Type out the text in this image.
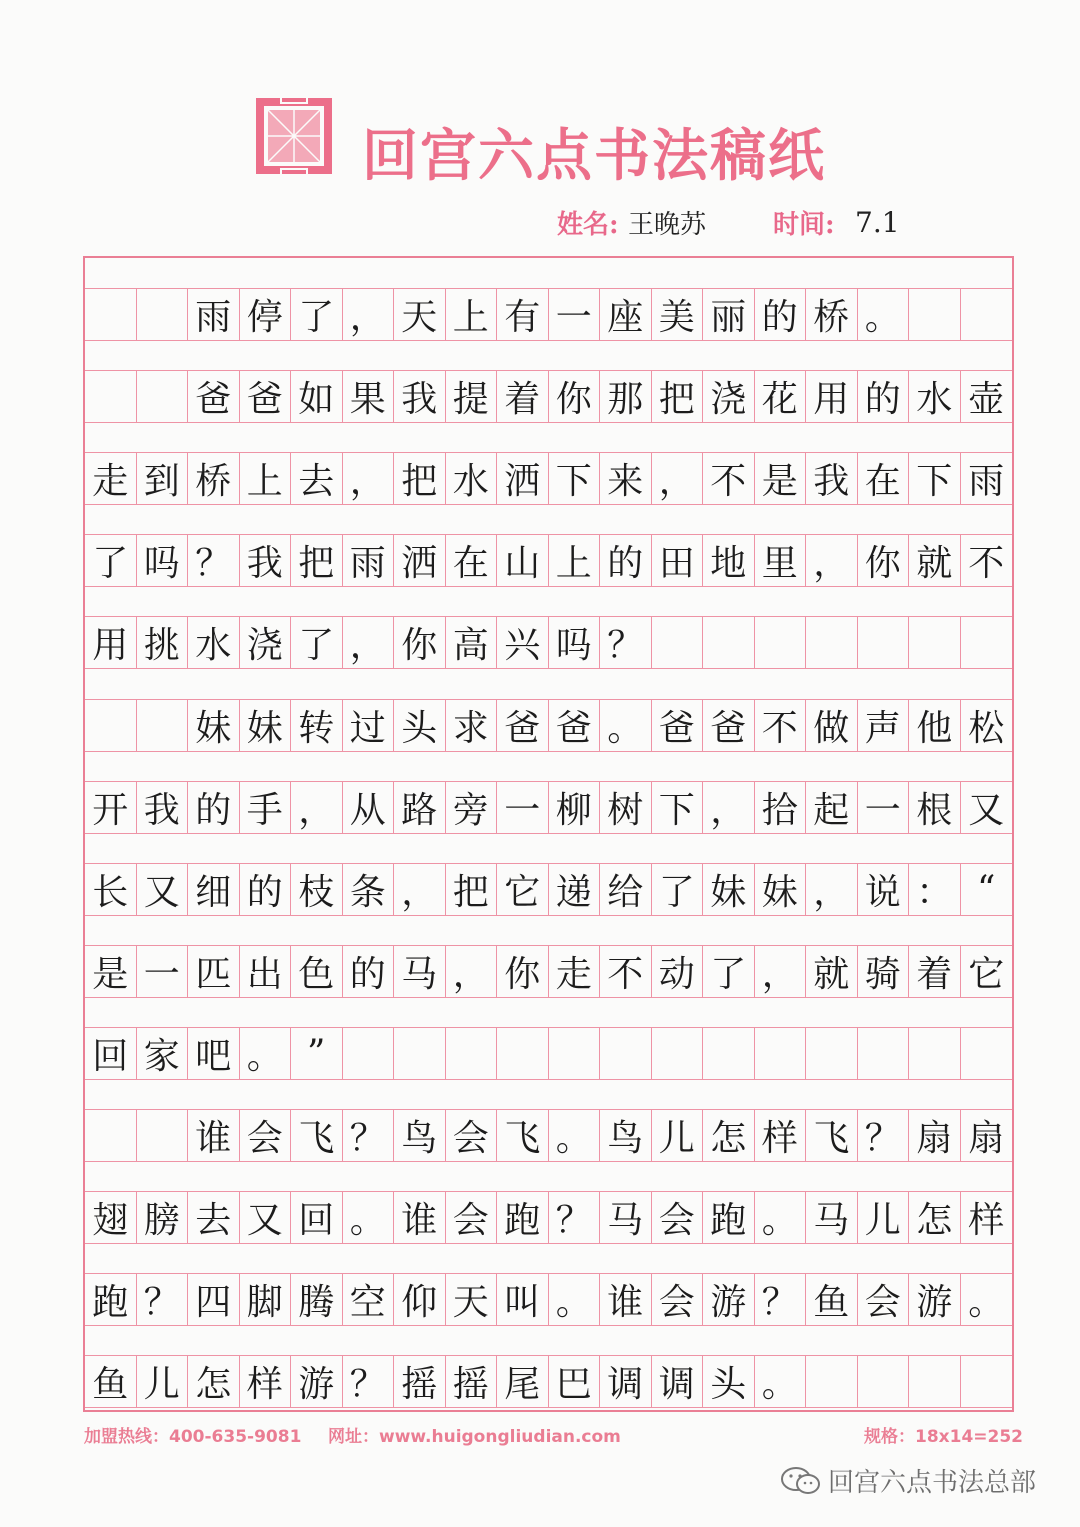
回宫六点书法稿纸
姓名: 王晚苏	时间: 7.1
雨 停 了 ， 天 上 有 一 座 美 丽 的 桥 。
爸 爸 如 果 我 提 着 你 那 把 浇 花 用 的 水 壶
走 到 桥 上 去 ， 把 水 洒 下 来 ， 不 是 我 在 下 雨
了 吗 ？ 我 把 雨 洒 在 山 上 的 田 地 里 ， 你 就 不
用 挑 水 浇 了 ， 你 高 兴 吗 ？
妹 妹 转 过 头 求 爸 爸 。 爸 爸 不 做 声 他 松
开 我 的 手 ， 从 路 旁 一 柳 树 下 ， 拾 起 一 根 又
长 又 细 的 枝 条 ， 把 它 递 给 了 妹 妹 ， 说 ： “
是 一 匹 出 色 的 马 ， 你 走 不 动 了 ， 就 骑 着 它
回 家 吧 。 ”
谁 会 飞 ？ 鸟 会 飞 。 鸟 儿 怎 样 飞 ？ 扇 扇
翅 膀 去 又 回 。 谁 会 跑 ？ 马 会 跑 。 马 儿 怎 样
跑 ？ 四 脚 腾 空 仰 天 叫 。 谁 会 游 ？ 鱼 会 游 。
鱼 儿 怎 样 游 ？ 摇 摇 尾 巴 调 调 头 。
加盟热线：400-635-9081 网址：www.huigongliudian.com	规格：18x14=252
回宫六点书法总部
